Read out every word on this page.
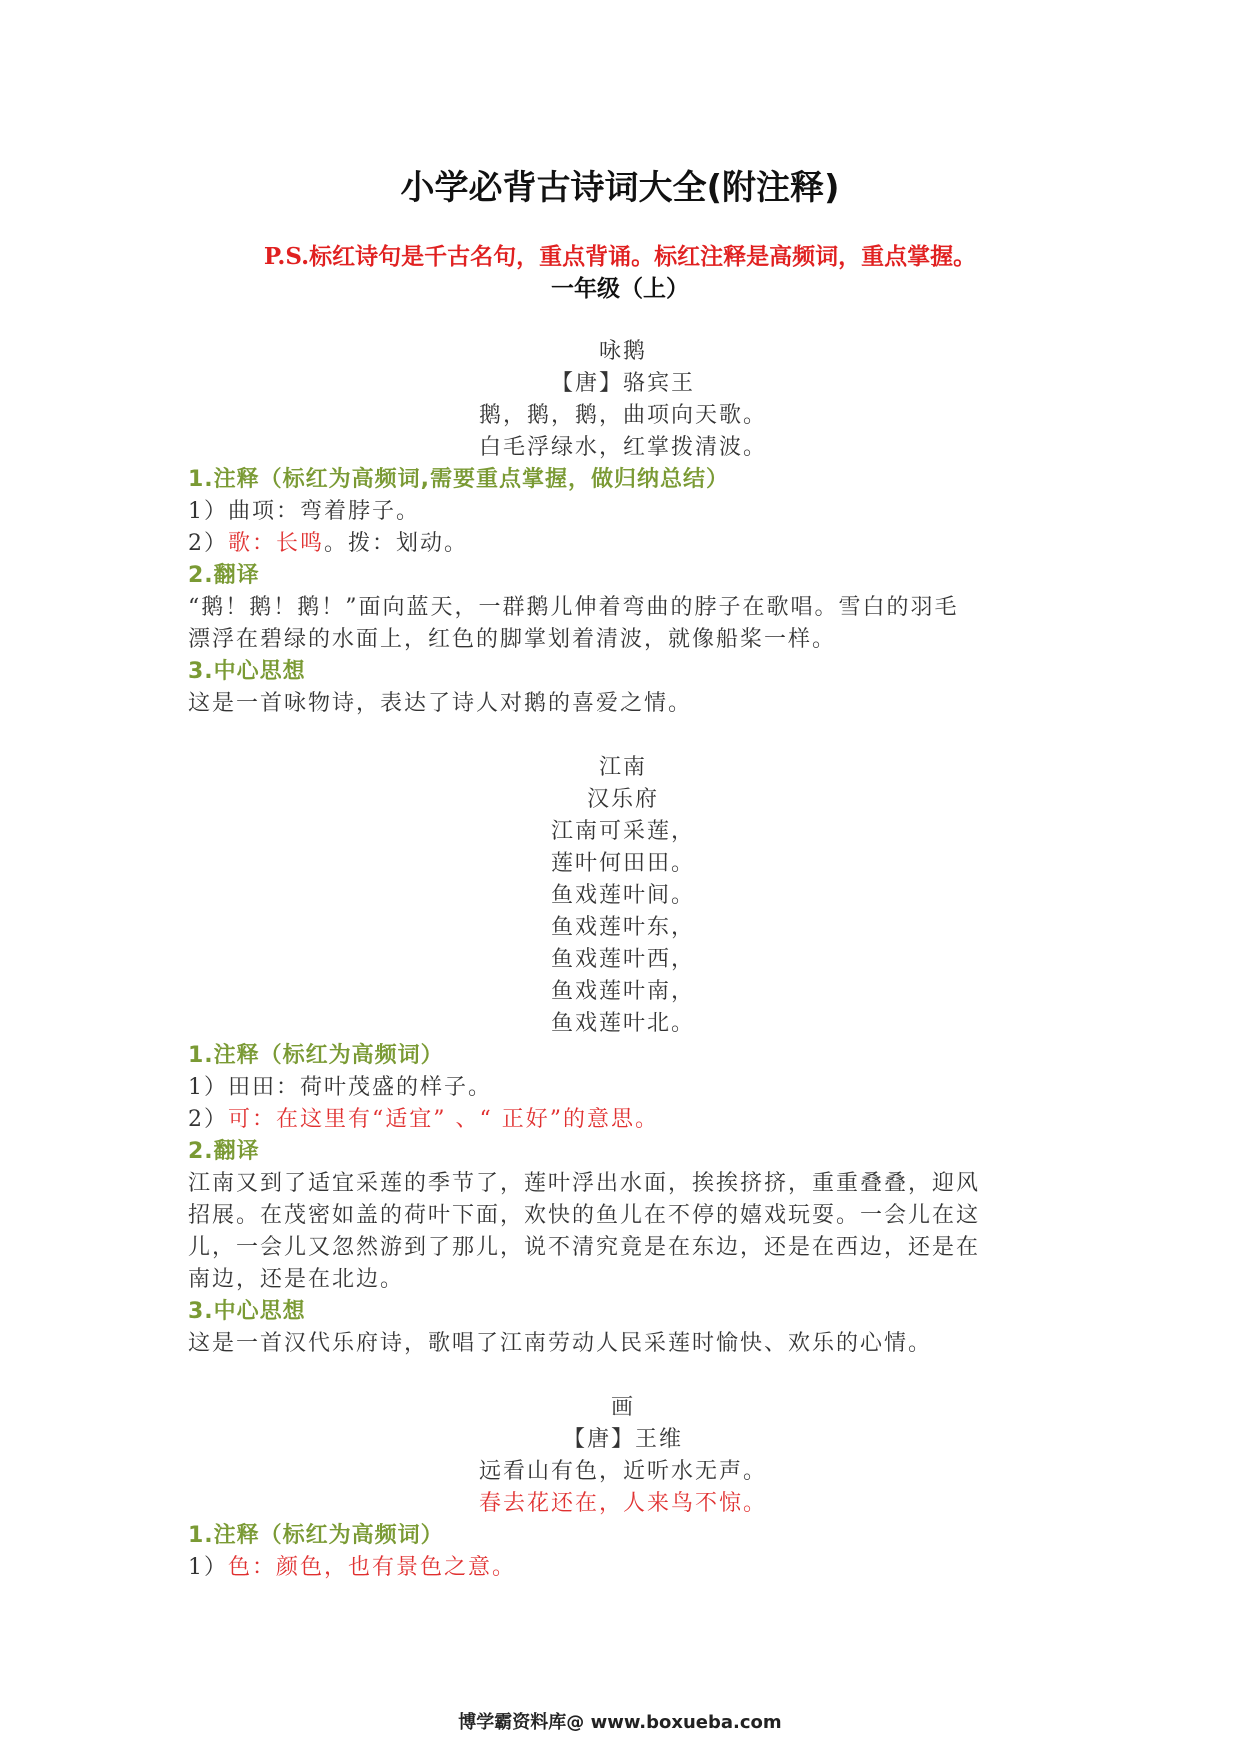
小学必背古诗词大全(附注释)
P.S.标红诗句是千古名句，重点背诵。标红注释是高频词，重点掌握。
一年级（上）
咏鹅
【唐】骆宾王
鹅，鹅，鹅，曲项向天歌。
白毛浮绿水，红掌拨清波。
1.注释（标红为高频词,需要重点掌握，做归纳总结）
1）曲项：弯着脖子。
2）歌：长鸣。拨：划动。
2.翻译
“鹅！鹅！鹅！”面向蓝天，一群鹅儿伸着弯曲的脖子在歌唱。雪白的羽毛
漂浮在碧绿的水面上，红色的脚掌划着清波，就像船桨一样。
3.中心思想
这是一首咏物诗，表达了诗人对鹅的喜爱之情。
江南
汉乐府
江南可采莲，
莲叶何田田。
鱼戏莲叶间。
鱼戏莲叶东，
鱼戏莲叶西，
鱼戏莲叶南，
鱼戏莲叶北。
1.注释（标红为高频词）
1）田田：荷叶茂盛的样子。
2）可：在这里有“适宜” 、“ 正好”的意思。
2.翻译
江南又到了适宜采莲的季节了，莲叶浮出水面，挨挨挤挤，重重叠叠，迎风
招展。在茂密如盖的荷叶下面，欢快的鱼儿在不停的嬉戏玩耍。一会儿在这
儿，一会儿又忽然游到了那儿，说不清究竟是在东边，还是在西边，还是在
南边，还是在北边。
3.中心思想
这是一首汉代乐府诗，歌唱了江南劳动人民采莲时愉快、欢乐的心情。
画
【唐】王维
远看山有色，近听水无声。
春去花还在，人来鸟不惊。
1.注释（标红为高频词）
1）色：颜色，也有景色之意。
博学霸资料库@ www.boxueba.com
